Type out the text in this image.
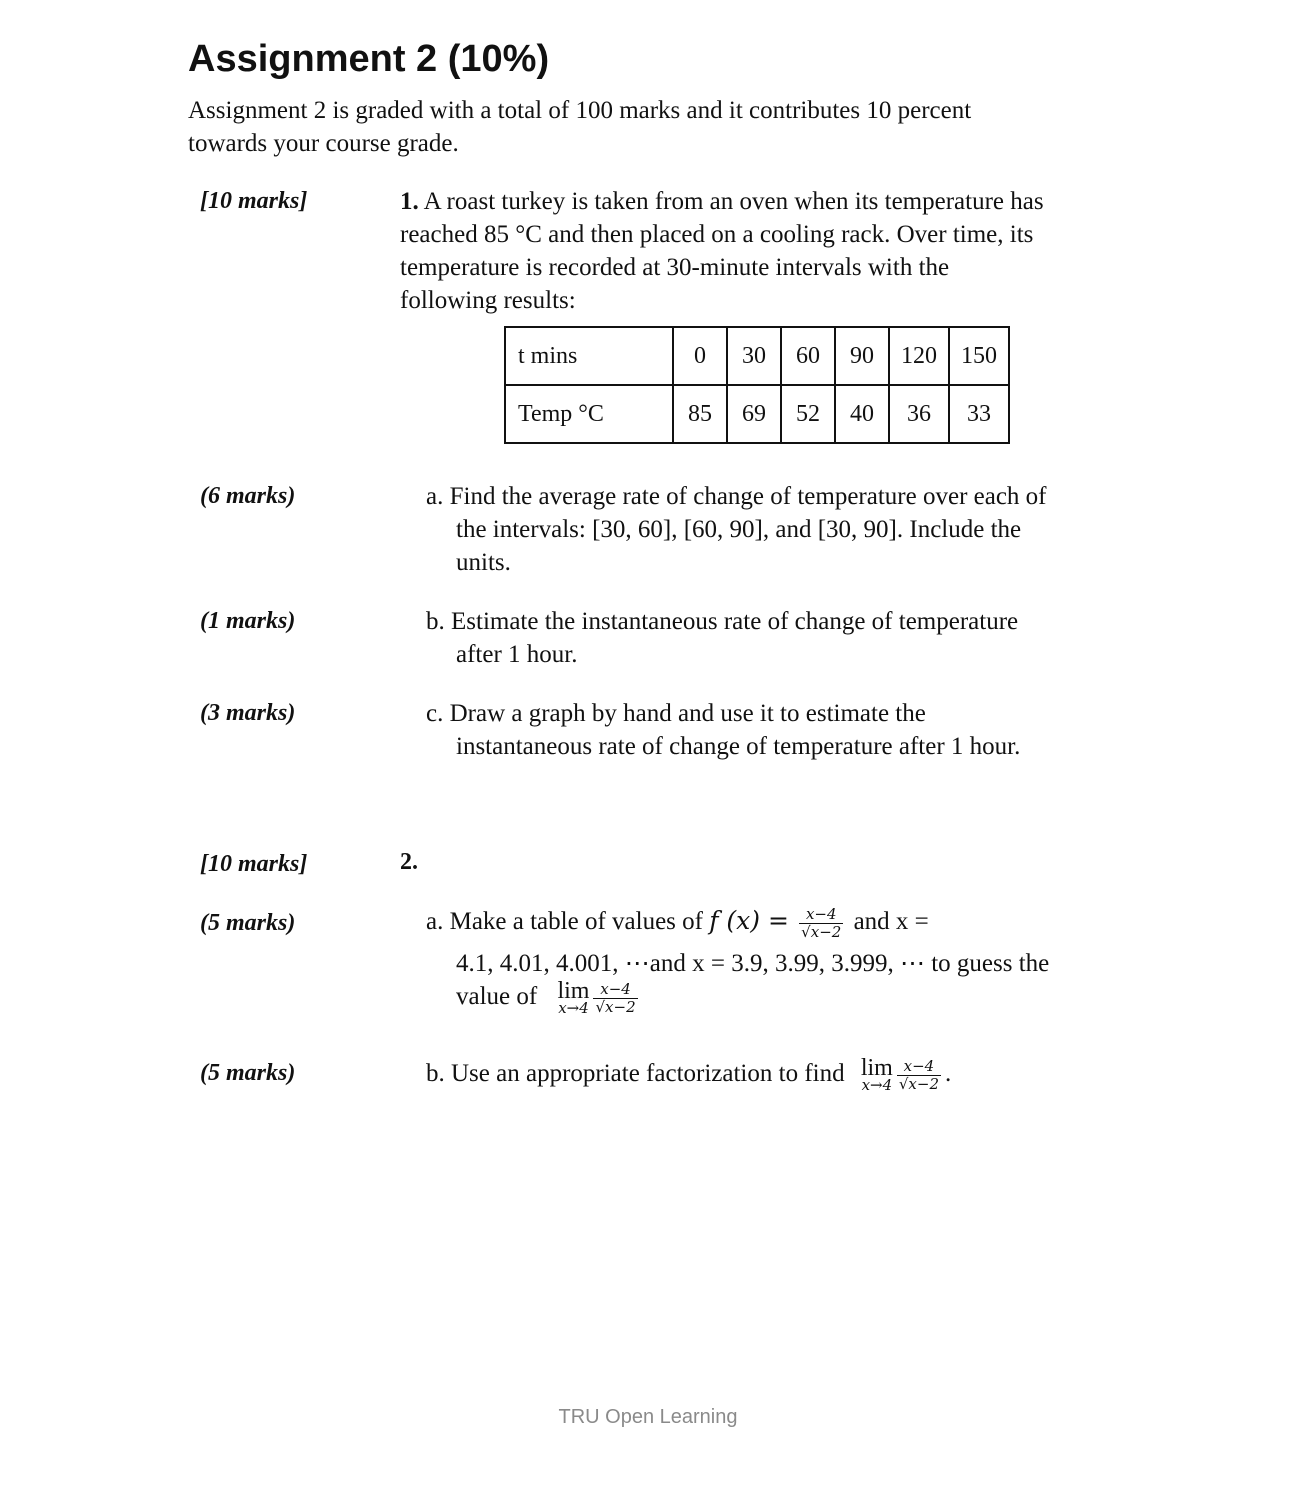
Assignment 2 (10%)
Assignment 2 is graded with a total of 100 marks and it contributes 10 percent
towards your course grade.
[10 marks]	1. A roast turkey is taken from an oven when its temperature has
reached 85 °C and then placed on a cooling rack. Over time, its
temperature is recorded at 30-minute intervals with the
following results:
t mins	0	30	60	90	120	150
Temp °C	85	69	52	40	36	33
(6 marks)	a. Find the average rate of change of temperature over each of
the intervals: [30, 60], [60, 90], and [30, 90]. Include the
units.
(1 marks)	b. Estimate the instantaneous rate of change of temperature
after 1 hour.
(3 marks)	c. Draw a graph by hand and use it to estimate the
instantaneous rate of change of temperature after 1 hour.
[10 marks]	2.
(5 marks)	a. Make a table of values of f $(x) = \frac{x-4}{√x-2}$ and x =
4.1, 4.01, 4.001, ⋯and x = 3.9, 3.99, 3.999, ⋯ to guess the
value of lim
$x\to 4 \frac{x-4}{√x-2}$
(5 marks)	b. Use an appropriate factorization to find lim
$x\to 4 \frac{x-4}{√x-2}$ .
TRU Open Learning
